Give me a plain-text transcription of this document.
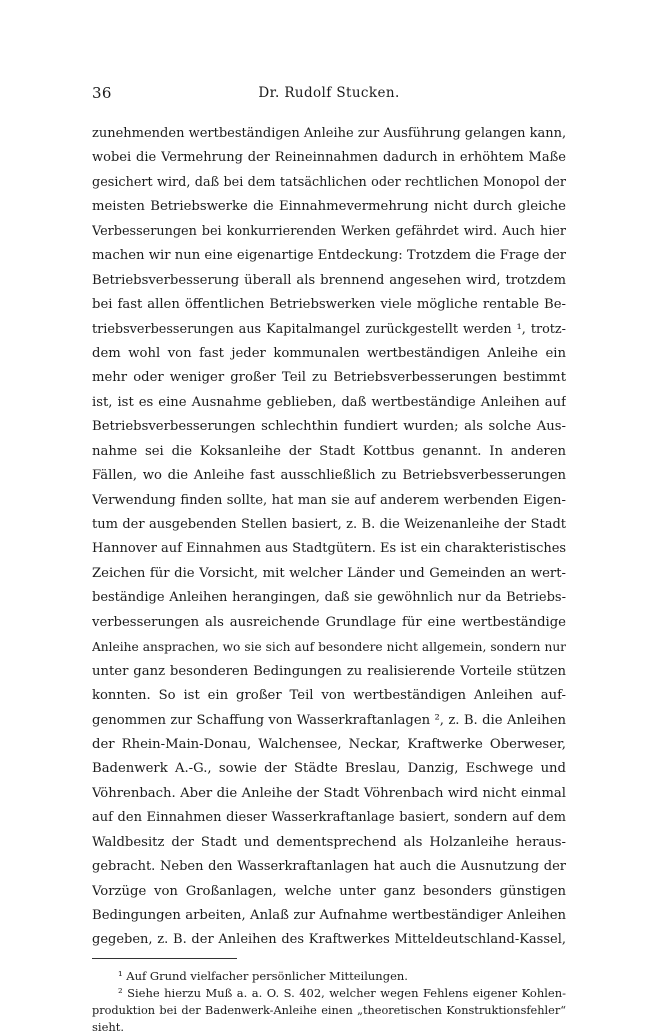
36	Dr. Rudolf Stucken.
zunehmenden wertbeständigen Anleihe zur Ausführung gelangen kann,
wobei die Vermehrung der Reineinnahmen dadurch in erhöhtem Maße
gesichert wird, daß bei dem tatsächlichen oder rechtlichen Monopol der
meisten Betriebswerke die Einnahmevermehrung nicht durch gleiche
Verbesserungen bei konkurrierenden Werken gefährdet wird. Auch hier
machen wir nun eine eigenartige Entdeckung: Trotzdem die Frage der
Betriebsverbesserung überall als brennend angesehen wird, trotzdem
bei fast allen öffentlichen Betriebswerken viele mögliche rentable Be-
triebsverbesserungen aus Kapitalmangel zurückgestellt werden ¹, trotz-
dem wohl von fast jeder kommunalen wertbeständigen Anleihe ein
mehr oder weniger großer Teil zu Betriebsverbesserungen bestimmt
ist, ist es eine Ausnahme geblieben, daß wertbeständige Anleihen auf
Betriebsverbesserungen schlechthin fundiert wurden; als solche Aus-
nahme sei die Koksanleihe der Stadt Kottbus genannt. In anderen
Fällen, wo die Anleihe fast ausschließlich zu Betriebsverbesserungen
Verwendung finden sollte, hat man sie auf anderem werbenden Eigen-
tum der ausgebenden Stellen basiert, z. B. die Weizenanleihe der Stadt
Hannover auf Einnahmen aus Stadtgütern. Es ist ein charakteristisches
Zeichen für die Vorsicht, mit welcher Länder und Gemeinden an wert-
beständige Anleihen herangingen, daß sie gewöhnlich nur da Betriebs-
verbesserungen als ausreichende Grundlage für eine wertbeständige
Anleihe ansprachen, wo sie sich auf besondere nicht allgemein, sondern nur
unter ganz besonderen Bedingungen zu realisierende Vorteile stützen
konnten. So ist ein großer Teil von wertbeständigen Anleihen auf-
genommen zur Schaffung von Wasserkraftanlagen ², z. B. die Anleihen
der Rhein-Main-Donau, Walchensee, Neckar, Kraftwerke Oberweser,
Badenwerk A.-G., sowie der Städte Breslau, Danzig, Eschwege und
Vöhrenbach. Aber die Anleihe der Stadt Vöhrenbach wird nicht einmal
auf den Einnahmen dieser Wasserkraftanlage basiert, sondern auf dem
Waldbesitz der Stadt und dementsprechend als Holzanleihe heraus-
gebracht. Neben den Wasserkraftanlagen hat auch die Ausnutzung der
Vorzüge von Großanlagen, welche unter ganz besonders günstigen
Bedingungen arbeiten, Anlaß zur Aufnahme wertbeständiger Anleihen
gegeben, z. B. der Anleihen des Kraftwerkes Mitteldeutschland-Kassel,
¹ Auf Grund vielfacher persönlicher Mitteilungen.
² Siehe hierzu Muß a. a. O. S. 402, welcher wegen Fehlens eigener Kohlen-
produktion bei der Badenwerk-Anleihe einen „theoretischen Konstruktionsfehler“
sieht.
